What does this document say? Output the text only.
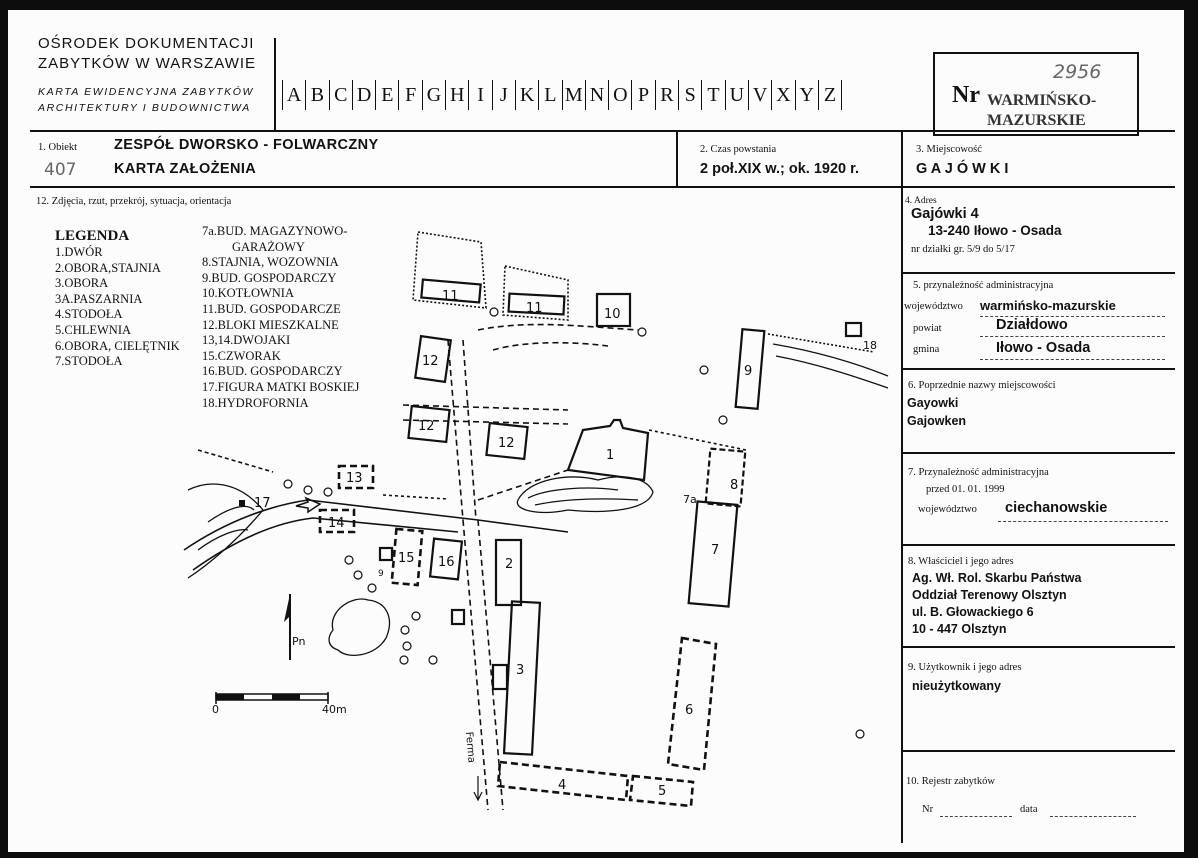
OŚRODEK DOKUMENTACJI
ZABYTKÓW W WARSZAWIE
KARTA EWIDENCYJNA ZABYTKÓW
ARCHITEKTURY I BUDOWNICTWA
A B C D E F G H I J K L M N O P R S T U V X Y Z
2956
Nr WARMIŃSKO-
MAZURSKIE
1. Obiekt
407
ZESPÓŁ DWORSKO - FOLWARCZNY
KARTA ZAŁOŻENIA
2. Czas powstania
2 poł.XIX w.; ok. 1920 r.
3. Miejscowość
G A J Ó W K I
12. Zdjęcia, rzut, przekrój, sytuacja, orientacja	4. Adres
Gajówki 4
13-240 Iłowo - Osada
nr działki gr. 5/9 do 5/17
5. przynależność administracyjna
województwo warmińsko-mazurskie
powiat	Działdowo
gmina	Iłowo - Osada
6. Poprzednie nazwy miejscowości
Gayowki
Gajowken
7. Przynależność administracyjna
przed 01. 01. 1999
województwo ciechanowskie
8. Właściciel i jego adres
Ag. Wł. Rol. Skarbu Państwa
Oddział Terenowy Olsztyn
ul. B. Głowackiego 6
10 - 447 Olsztyn
9. Użytkownik i jego adres
nieużytkowany
10. Rejestr zabytków
Nr	data
LEGENDA
1.DWÓR
2.OBORA,STAJNIA
3.OBORA
3A.PASZARNIA
4.STODOŁA
5.CHLEWNIA
6.OBORA, CIELĘTNIK
7.STODOŁA
7a.BUD. MAGAZYNOWO-
GARAŻOWY
8.STAJNIA, WOZOWNIA
9.BUD. GOSPODARCZY
10.KOTŁOWNIA
11.BUD. GOSPODARCZE
12.BLOKI MIESZKALNE
13,14.DWOJAKI
15.CZWORAK
16.BUD. GOSPODARCZY
17.FIGURA MATKI BOSKIEJ
18.HYDROFORNIA
1
2
3
4	5
6
7
7a
8
9
10
11
11
12
12
12
13
14
15 16
17
18
9
Pn
0	40m
Ferma
